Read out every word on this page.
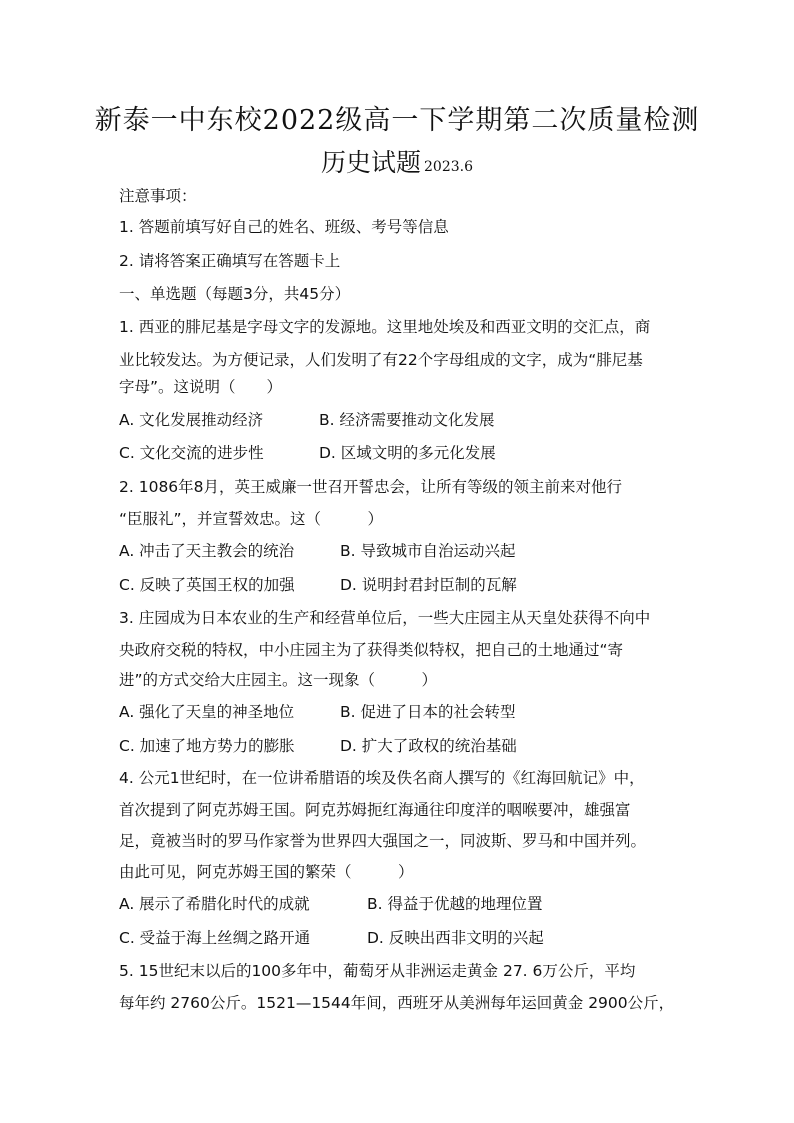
新泰一中东校2022级高一下学期第二次质量检测
历史试题 2023.6
注意事项：
1. 答题前填写好自己的姓名、班级、考号等信息
2. 请将答案正确填写在答题卡上
一、单选题（每题3分，共45分）
1. 西亚的腓尼基是字母文字的发源地。这里地处埃及和西亚文明的交汇点，商
业比较发达。为方便记录，人们发明了有22个字母组成的文字，成为“腓尼基
字母”。这说明（　　）
A. 文化发展推动经济	B. 经济需要推动文化发展
C. 文化交流的进步性	D. 区域文明的多元化发展
2. 1086年8月，英王威廉一世召开誓忠会，让所有等级的领主前来对他行
“臣服礼”，并宣誓效忠。这（　　　）
A. 冲击了天主教会的统治	B. 导致城市自治运动兴起
C. 反映了英国王权的加强	D. 说明封君封臣制的瓦解
3. 庄园成为日本农业的生产和经营单位后，一些大庄园主从天皇处获得不向中
央政府交税的特权，中小庄园主为了获得类似特权，把自己的土地通过“寄
进”的方式交给大庄园主。这一现象（　　　）
A. 强化了天皇的神圣地位	B. 促进了日本的社会转型
C. 加速了地方势力的膨胀	D. 扩大了政权的统治基础
4. 公元1世纪时，在一位讲希腊语的埃及佚名商人撰写的《红海回航记》中，
首次提到了阿克苏姆王国。阿克苏姆扼红海通往印度洋的咽喉要冲，雄强富
足，竟被当时的罗马作家誉为世界四大强国之一，同波斯、罗马和中国并列。
由此可见，阿克苏姆王国的繁荣（　　　）
A. 展示了希腊化时代的成就	B. 得益于优越的地理位置
C. 受益于海上丝绸之路开通	D. 反映出西非文明的兴起
5. 15世纪末以后的100多年中，葡萄牙从非洲运走黄金 27. 6万公斤，平均
每年约 2760公斤。1521—1544年间，西班牙从美洲每年运回黄金 2900公斤，
